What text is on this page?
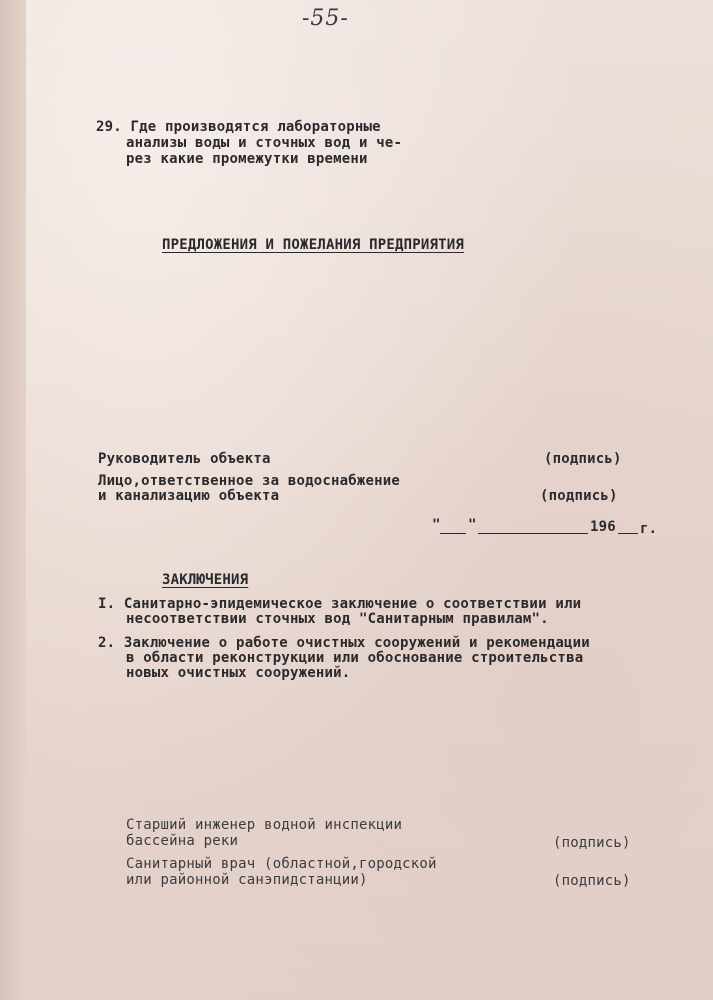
-55-
29. Где производятся лабораторные
анализы воды и сточных вод и че-
рез какие промежутки времени
ПРЕДЛОЖЕНИЯ И ПОЖЕЛАНИЯ ПРЕДПРИЯТИЯ
Руководитель объекта	(подпись)
Лицо,ответственное за водоснабжение
и канализацию объекта	(подпись)
" "	196 г.
ЗАКЛЮЧЕНИЯ
I. Санитарно-эпидемическое заключение о соответствии или
несоответствии сточных вод "Санитарным правилам".
2. Заключение о работе очистных сооружений и рекомендации
в области реконструкции или обоснование строительства
новых очистных сооружений.
Старший инженер водной инспекции
бассейна реки	(подпись)
Санитарный врач (областной,городской
или районной санэпидстанции)	(подпись)
